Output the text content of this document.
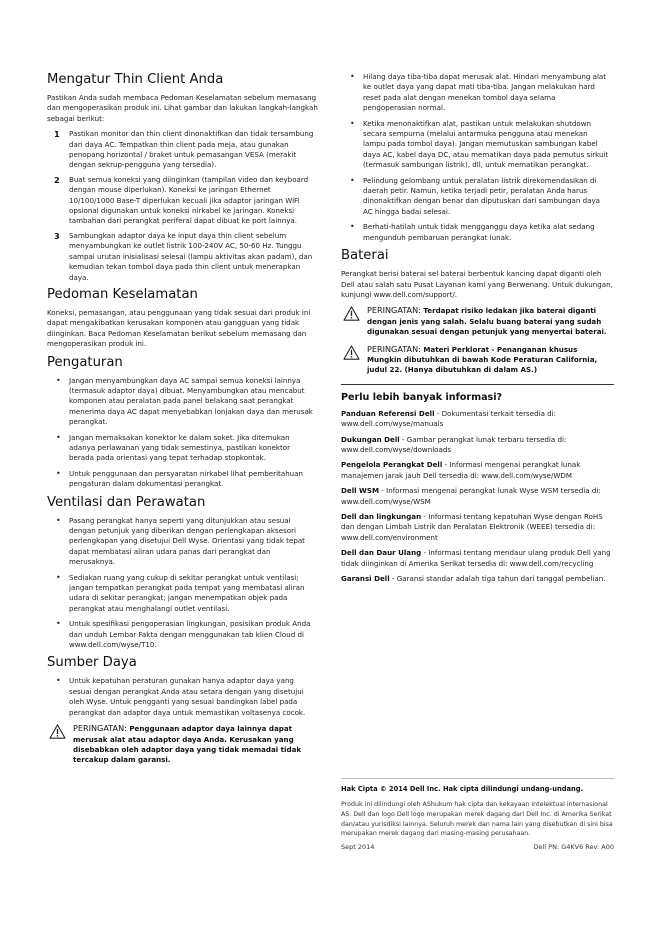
Mengatur Thin Client Anda

Pastikan Anda sudah membaca Pedoman Keselamatan sebelum memasang dan mengoperasikan produk ini. Lihat gambar dan lakukan langkah-langkah sebagai berikut:

1 Pastikan monitor dan thin client dinonaktifkan dan tidak tersambung dari daya AC. Tempatkan thin client pada meja, atau gunakan penopang horizontal / braket untuk pemasangan VESA (merakit dengan sekrup-pengguna yang tersedia).
2 Buat semua koneksi yang diinginkan (tampilan video dan keyboard dengan mouse diperlukan). Koneksi ke jaringan Ethernet 10/100/1000 Base-T diperlukan kecuali jika adaptor jaringan WiFi opsional digunakan untuk koneksi nirkabel ke jaringan. Koneksi tambahan dari perangkat periferal dapat dibuat ke port lainnya.
3 Sambungkan adaptor daya ke input daya thin client sebelum menyambungkan ke outlet listrik 100-240V AC, 50-60 Hz. Tunggu sampai urutan inisialisasi selesai (lampu aktivitas akan padam), dan kemudian tekan tombol daya pada thin client untuk menerapkan daya.
Pedoman Keselamatan

Koneksi, pemasangan, atau penggunaan yang tidak sesuai dari produk ini dapat mengakibatkan kerusakan komponen atau gangguan yang tidak diinginkan. Baca Pedoman Keselamatan berikut sebelum memasang dan mengoperasikan produk ini.

Pengaturan
• Jangan menyambungkan daya AC sampai semua koneksi lainnya (termasuk adaptor daya) dibuat. Menyambungkan atau mencabut komponen atau peralatan pada panel belakang saat perangkat menerima daya AC dapat menyebabkan lonjakan daya dan merusak perangkat.
• Jangan memaksakan konektor ke dalam soket. Jika ditemukan adanya perlawanan yang tidak semestinya, pastikan konektor berada pada orientasi yang tepat terhadap stopkontak.
• Untuk penggunaan dan persyaratan nirkabel lihat pemberitahuan pengaturan dalam dokumentasi perangkat.
Ventilasi dan Perawatan
• Pasang perangkat hanya seperti yang ditunjukkan atau sesuai dengan petunjuk yang diberikan dengan perlengkapan aksesori perlengkapan yang disetujui Dell Wyse. Orientasi yang tidak tepat dapat membatasi aliran udara panas dari perangkat dan merusaknya.
• Sediakan ruang yang cukup di sekitar perangkat untuk ventilasi; jangan tempatkan perangkat pada tempat yang membatasi aliran udara di sekitar perangkat; jangan menempatkan objek pada perangkat atau menghalangi outlet ventilasi.
• Untuk spesifikasi pengoperasian lingkungan, posisikan produk Anda dan unduh Lembar Fakta dengan menggunakan tab klien Cloud di www.dell.com/wyse/T10.
Sumber Daya
• Untuk kepatuhan peraturan gunakan hanya adaptor daya yang sesuai dengan perangkat Anda atau setara dengan yang disetujui oleh Wyse. Untuk pengganti yang sesuai bandingkan label pada perangkat dan adaptor daya untuk memastikan voltasenya cocok.

PERINGATAN: Penggunaan adaptor daya lainnya dapat merusak alat atau adaptor daya Anda. Kerusakan yang disebabkan oleh adaptor daya yang tidak memadai tidak tercakup dalam garansi.

• Hilang daya tiba-tiba dapat merusak alat. Hindari menyambung alat ke outlet daya yang dapat mati tiba-tiba. Jangan melakukan hard reset pada alat dengan menekan tombol daya selama pengoperasian normal.
• Ketika menonaktifkan alat, pastikan untuk melakukan shutdown secara sempurna (melalui antarmuka pengguna atau menekan lampu pada tombol daya). Jangan memutuskan sambungan kabel daya AC, kabel daya DC, atau mematikan daya pada pemutus sirkuit (termasuk sambungan listrik), dll, untuk mematikan perangkat.
• Pelindung gelombang untuk peralatan listrik direkomendasikan di daerah petir. Namun, ketika terjadi petir, peralatan Anda harus dinonaktifkan dengan benar dan diputuskan dari sambungan daya AC hingga badai selesai.
• Berhati-hatilah untuk tidak mengganggu daya ketika alat sedang mengunduh pembaruan perangkat lunak.
Baterai

Perangkat berisi baterai sel baterai berbentuk kancing dapat diganti oleh Dell atau salah satu Pusat Layanan kami yang Berwenang. Untuk dukungan, kunjungi www.dell.com/support/.

PERINGATAN: Terdapat risiko ledakan jika baterai diganti dengan jenis yang salah. Selalu buang baterai yang sudah digunakan sesuai dengan petunjuk yang menyertai baterai.

PERINGATAN: Materi Perklorat - Penanganan khusus Mungkin dibutuhkan di bawah Kode Peraturan California, judul 22. (Hanya dibutuhkan di dalam AS.)

Perlu lebih banyak informasi?

Panduan Referensi Dell - Dokumentasi terkait tersedia di: www.dell.com/wyse/manuals

Dukungan Dell - Gambar perangkat lunak terbaru tersedia di: www.dell.com/wyse/downloads

Pengelola Perangkat Dell - Informasi mengenai perangkat lunak manajemen jarak jauh Dell tersedia di: www.dell.com/wyse/WDM

Dell WSM - Informasi mengenai perangkat lunak Wyse WSM tersedia di: www.dell.com/wyse/WSM

Dell dan lingkungan - Informasi tentang kepatuhan Wyse dengan RoHS dan dengan Limbah Listrik dan Peralatan Elektronik (WEEE) tersedia di: www.dell.com/environment

Dell dan Daur Ulang - Informasi tentang mendaur ulang produk Dell yang tidak diinginkan di Amerika Serikat tersedia di: www.dell.com/recycling

Garansi Dell - Garansi standar adalah tiga tahun dari tanggal pembelian.

Hak Cipta © 2014 Dell Inc. Hak cipta dilindungi undang-undang.

Produk ini dilindungi oleh AShukum hak cipta dan kekayaan intelektual internasional AS. Dell dan logo Dell logo merupakan merek dagang dari Dell Inc. di Amerika Serikat dan/atau yurisdiksi lainnya. Seluruh merek dan nama lain yang disebutkan di sini bisa merupakan merek dagang dari masing-masing perusahaan.

Sept 2014	Dell PN: G4KV6 Rev: A00
